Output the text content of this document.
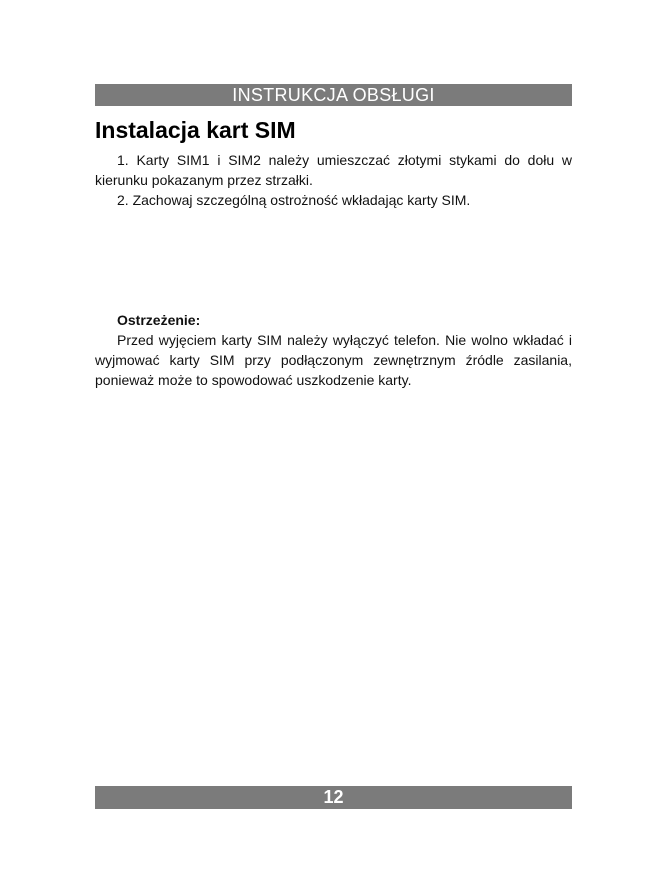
INSTRUKCJA OBSŁUGI
Instalacja kart SIM

1. Karty SIM1 i SIM2 należy umieszczać złotymi stykami do dołu w kierunku pokazanym przez strzałki.

2. Zachowaj szczególną ostrożność wkładając karty SIM.

Ostrzeżenie:

Przed wyjęciem karty SIM należy wyłączyć telefon. Nie wolno wkładać i wyjmować karty SIM przy podłączonym zewnętrznym źródle zasilania, ponieważ może to spowodować uszkodzenie karty.

12
